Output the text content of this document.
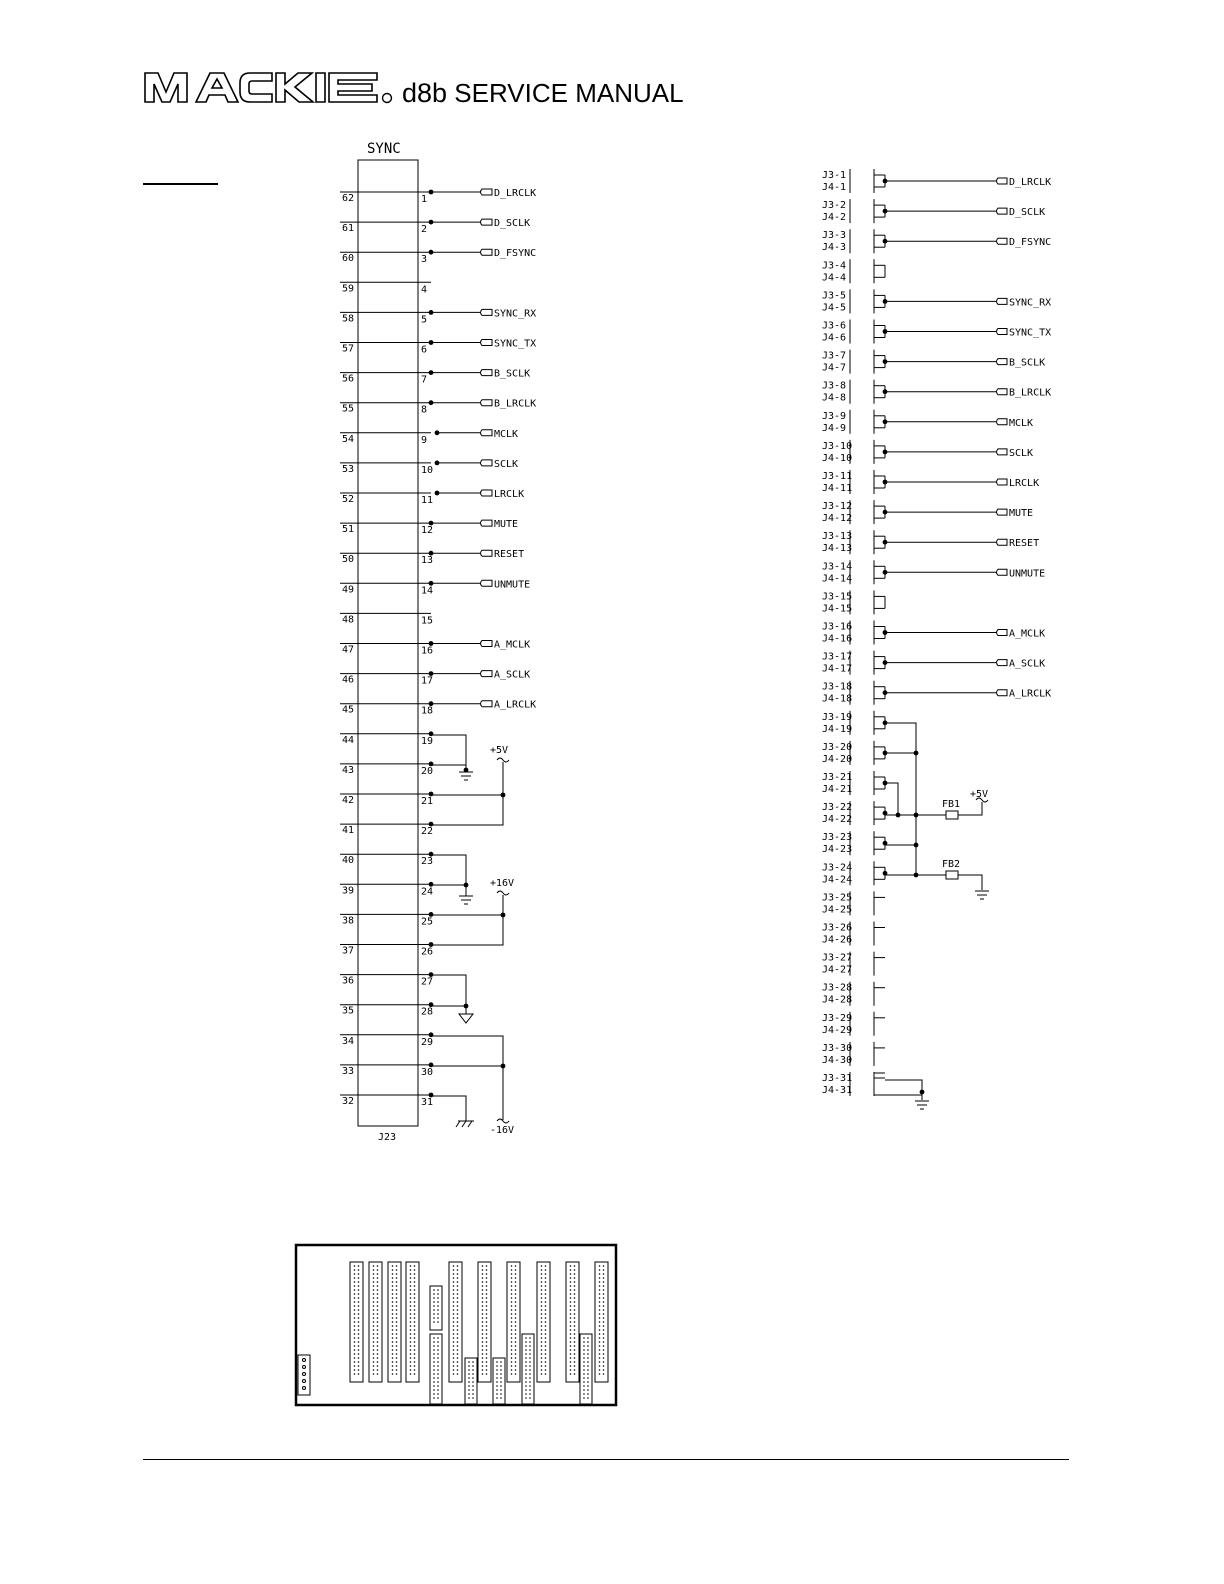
d8b SERVICE MANUAL
SYNC
J23
62	1
D_LRCLK
61	2
D_SCLK
60	3
D_FSYNC
59	4
58	5
SYNC_RX
57	6
SYNC_TX
56	7
B_SCLK
55	8
B_LRCLK
54	9
MCLK
53	10
SCLK
52	11
LRCLK
51	12
MUTE
50	13
RESET
49	14
UNMUTE
48	15
47	16
A_MCLK
46	17
A_SCLK
45	18
A_LRCLK
44	19
43	20
42	21
41	22
40	23
39	24
38	25
37	26
36	27
35	28
34	29
33	30
32	31
+5V
+16V
-16V
J3-1
J4-1	D_LRCLK
J3-2
J4-2	D_SCLK
J3-3
J4-3	D_FSYNC
J3-4
J4-4
J3-5
J4-5	SYNC_RX
J3-6
J4-6	SYNC_TX
J3-7
J4-7	B_SCLK
J3-8
J4-8	B_LRCLK
J3-9
J4-9	MCLK
J3-10
J4-10	SCLK
J3-11
J4-11	LRCLK
J3-12
J4-12	MUTE
J3-13
J4-13	RESET
J3-14
J4-14	UNMUTE
J3-15
J4-15
J3-16
J4-16	A_MCLK
J3-17
J4-17	A_SCLK
J3-18
J4-18	A_LRCLK
J3-19
J4-19
J3-20
J4-20
J3-21
J4-21
J3-22
J4-22
J3-23
J4-23
J3-24
J4-24
J3-25
J4-25
J3-26
J4-26
J3-27
J4-27
J3-28
J4-28
J3-29
J4-29
J3-30
J4-30
J3-31
J4-31
FB1
FB2
+5V
